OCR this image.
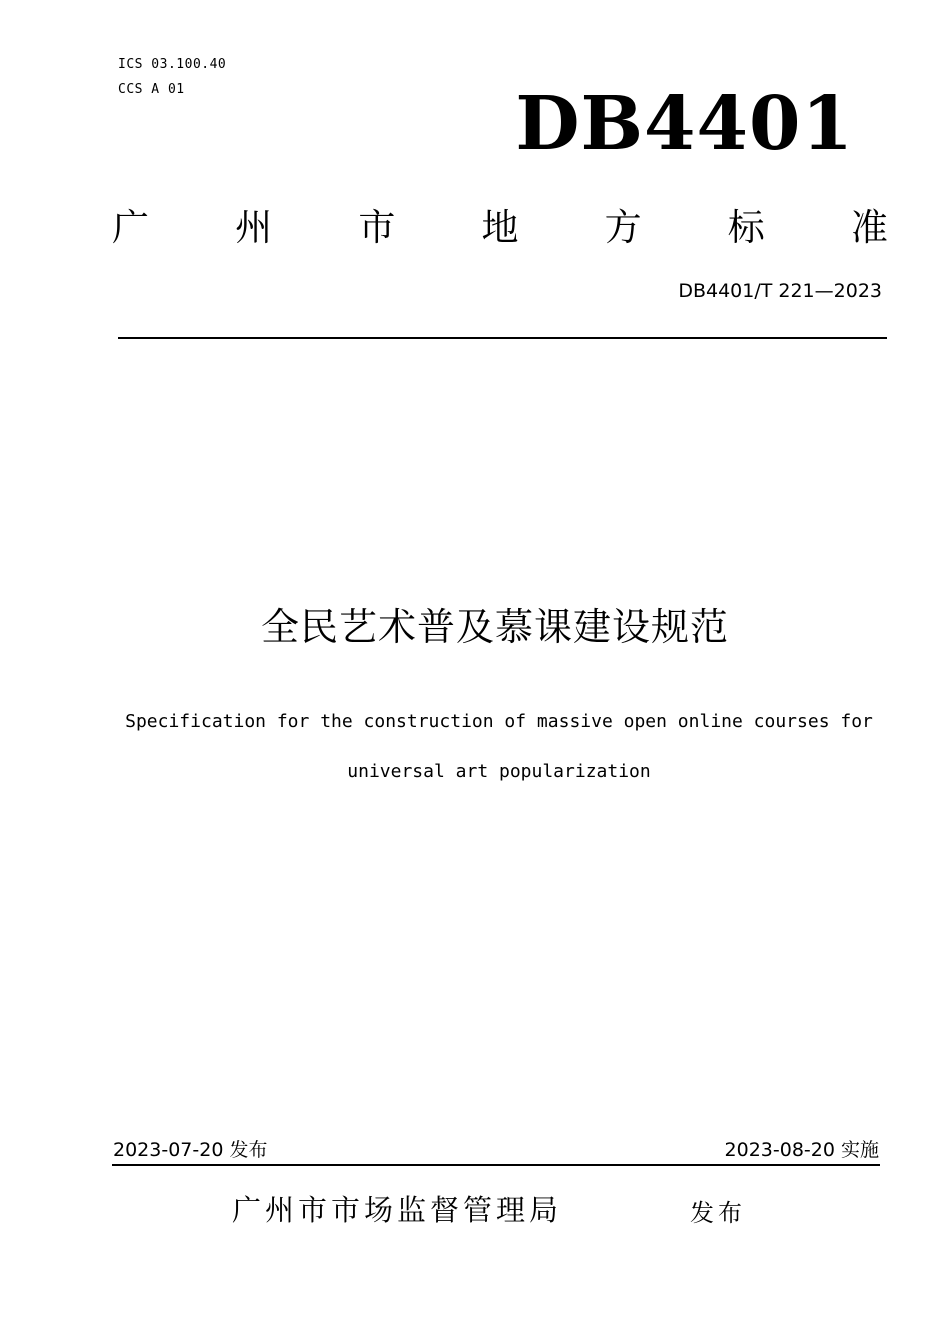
ICS 03.100.40
CCS A 01	DB4401
广 州 市 地 方 标 准
DB4401/T 221—2023
全民艺术普及慕课建设规范
Specification for the construction of massive open online courses for
universal art popularization
2023-07-20 发布	2023-08-20 实施
广州市市场监督管理局	发布
